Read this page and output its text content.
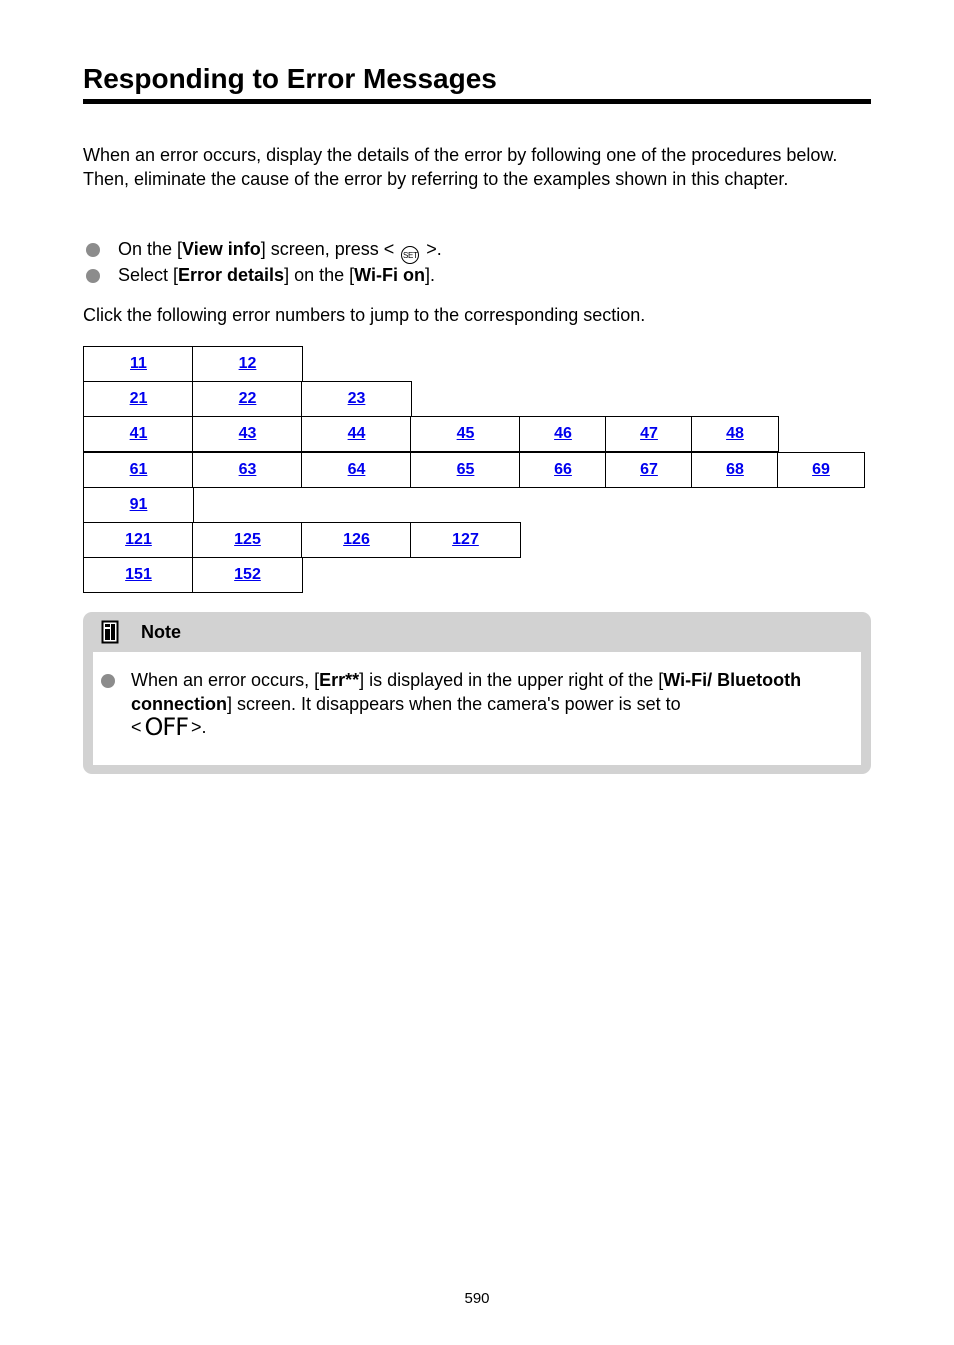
Responding to Error Messages

When an error occurs, display the details of the error by following one of the procedures below. Then, eliminate the cause of the error by referring to the examples shown in this chapter.

On the [View info] screen, press < SET >.
Select [Error details] on the [Wi-Fi on].

Click the following error numbers to jump to the corresponding section.

11	12
21	22	23
41	43	44	45	46	47	48
61	63	64	65	66	67	68	69
91
121	125	126	127
151	152
Note

When an error occurs, [Err**] is displayed in the upper right of the [Wi-Fi/ Bluetooth connection] screen. It disappears when the camera's power is set to
< OFF >.

590
